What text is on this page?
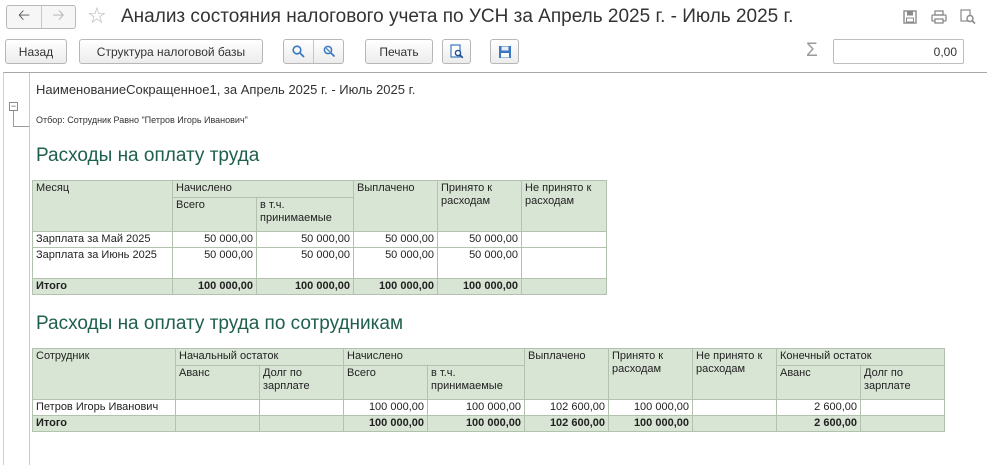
🡠	🡢	☆ Анализ состояния налогового учета по УСН за Апрель 2025 г. - Июль 2025 г.
Назад	Структура налоговой базы	Печать	Σ	0,00
−
НаименованиеСокращенное1, за Апрель 2025 г. - Июль 2025 г.
Отбор: Сотрудник Равно "Петров Игорь Иванович"
Расходы на оплату труда
Месяц	Начислено		Выплачено	Принято к расходам	Не принято к расходам
	Всего	в т.ч. принимаемые			
Зарплата за Май 2025	50 000,00	50 000,00	50 000,00	50 000,00	
Зарплата за Июнь 2025	50 000,00	50 000,00	50 000,00	50 000,00	
Итого	100 000,00	100 000,00	100 000,00	100 000,00	
Расходы на оплату труда по сотрудникам
Сотрудник	Начальный остаток		Начислено		Выплачено	Принято к расходам	Не принято к расходам	Конечный остаток	
	Аванс	Долг по зарплате	Всего	в т.ч. принимаемые				Аванс	Долг по зарплате
Петров Игорь Иванович			100 000,00	100 000,00	102 600,00	100 000,00		2 600,00	
Итого			100 000,00	100 000,00	102 600,00	100 000,00		2 600,00	
